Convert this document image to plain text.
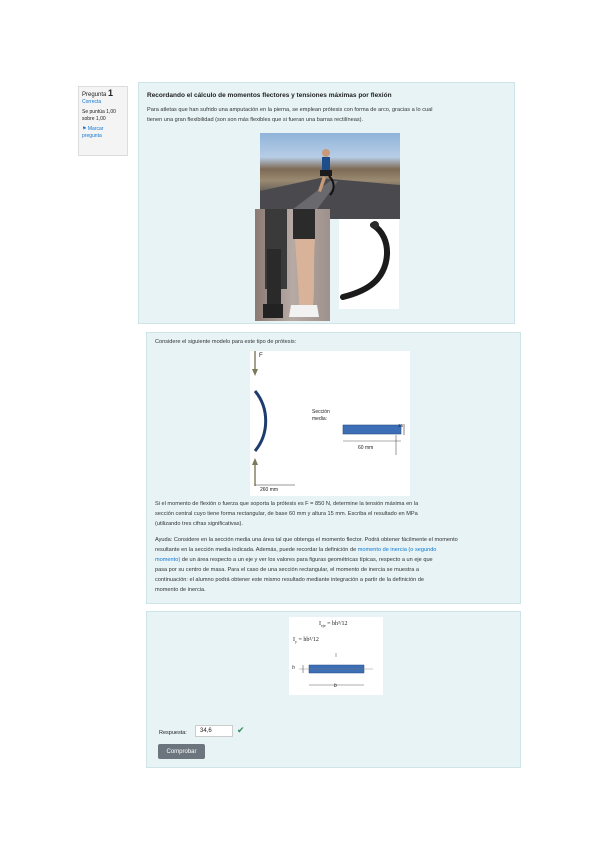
Pregunta 1
Correcta
Se puntúa 1,00
sobre 1,00
⚑ Marcar
pregunta
Recordando el cálculo de momentos flectores y tensiones máximas por flexión
Para atletas que han sufrido una amputación en la pierna, se emplean prótesis con forma de arco, gracias a lo cual
tienen una gran flexibilidad (son son más flexibles que si fueran una barras rectilíneas).
Considere el siguiente modelo para este tipo de prótesis:
F
Sección
media:
15
60 mm
260 mm
Si el momento de flexión o fuerza que soporta la prótesis es F = 850 N, determine la tensión máxima en la
sección central cuyo tiene forma rectangular, de base 60 mm y altura 15 mm. Escriba el resultado en MPa
(utilizando tres cifras significativas).
Ayuda: Considere en la sección media una área tal que obtenga el momento flector. Podrá obtener fácilmente el momento
resultante en la sección media indicada. Además, puede recordar la definición de momento de inercia (o segundo
momento) de un área respecto a un eje y ver los valores para figuras geométricas típicas, respecto a un eje que
pasa por su centro de masa. Para el caso de una sección rectangular, el momento de inercia se muestra a
continuación: el alumno podrá obtener este mismo resultado mediante integración a partir de la definición de
momento de inercia.
$I_{eje} = bh^3/12$
$I_y = hb^3/12$
h
b
Respuesta:	34,6	✔
Comprobar
